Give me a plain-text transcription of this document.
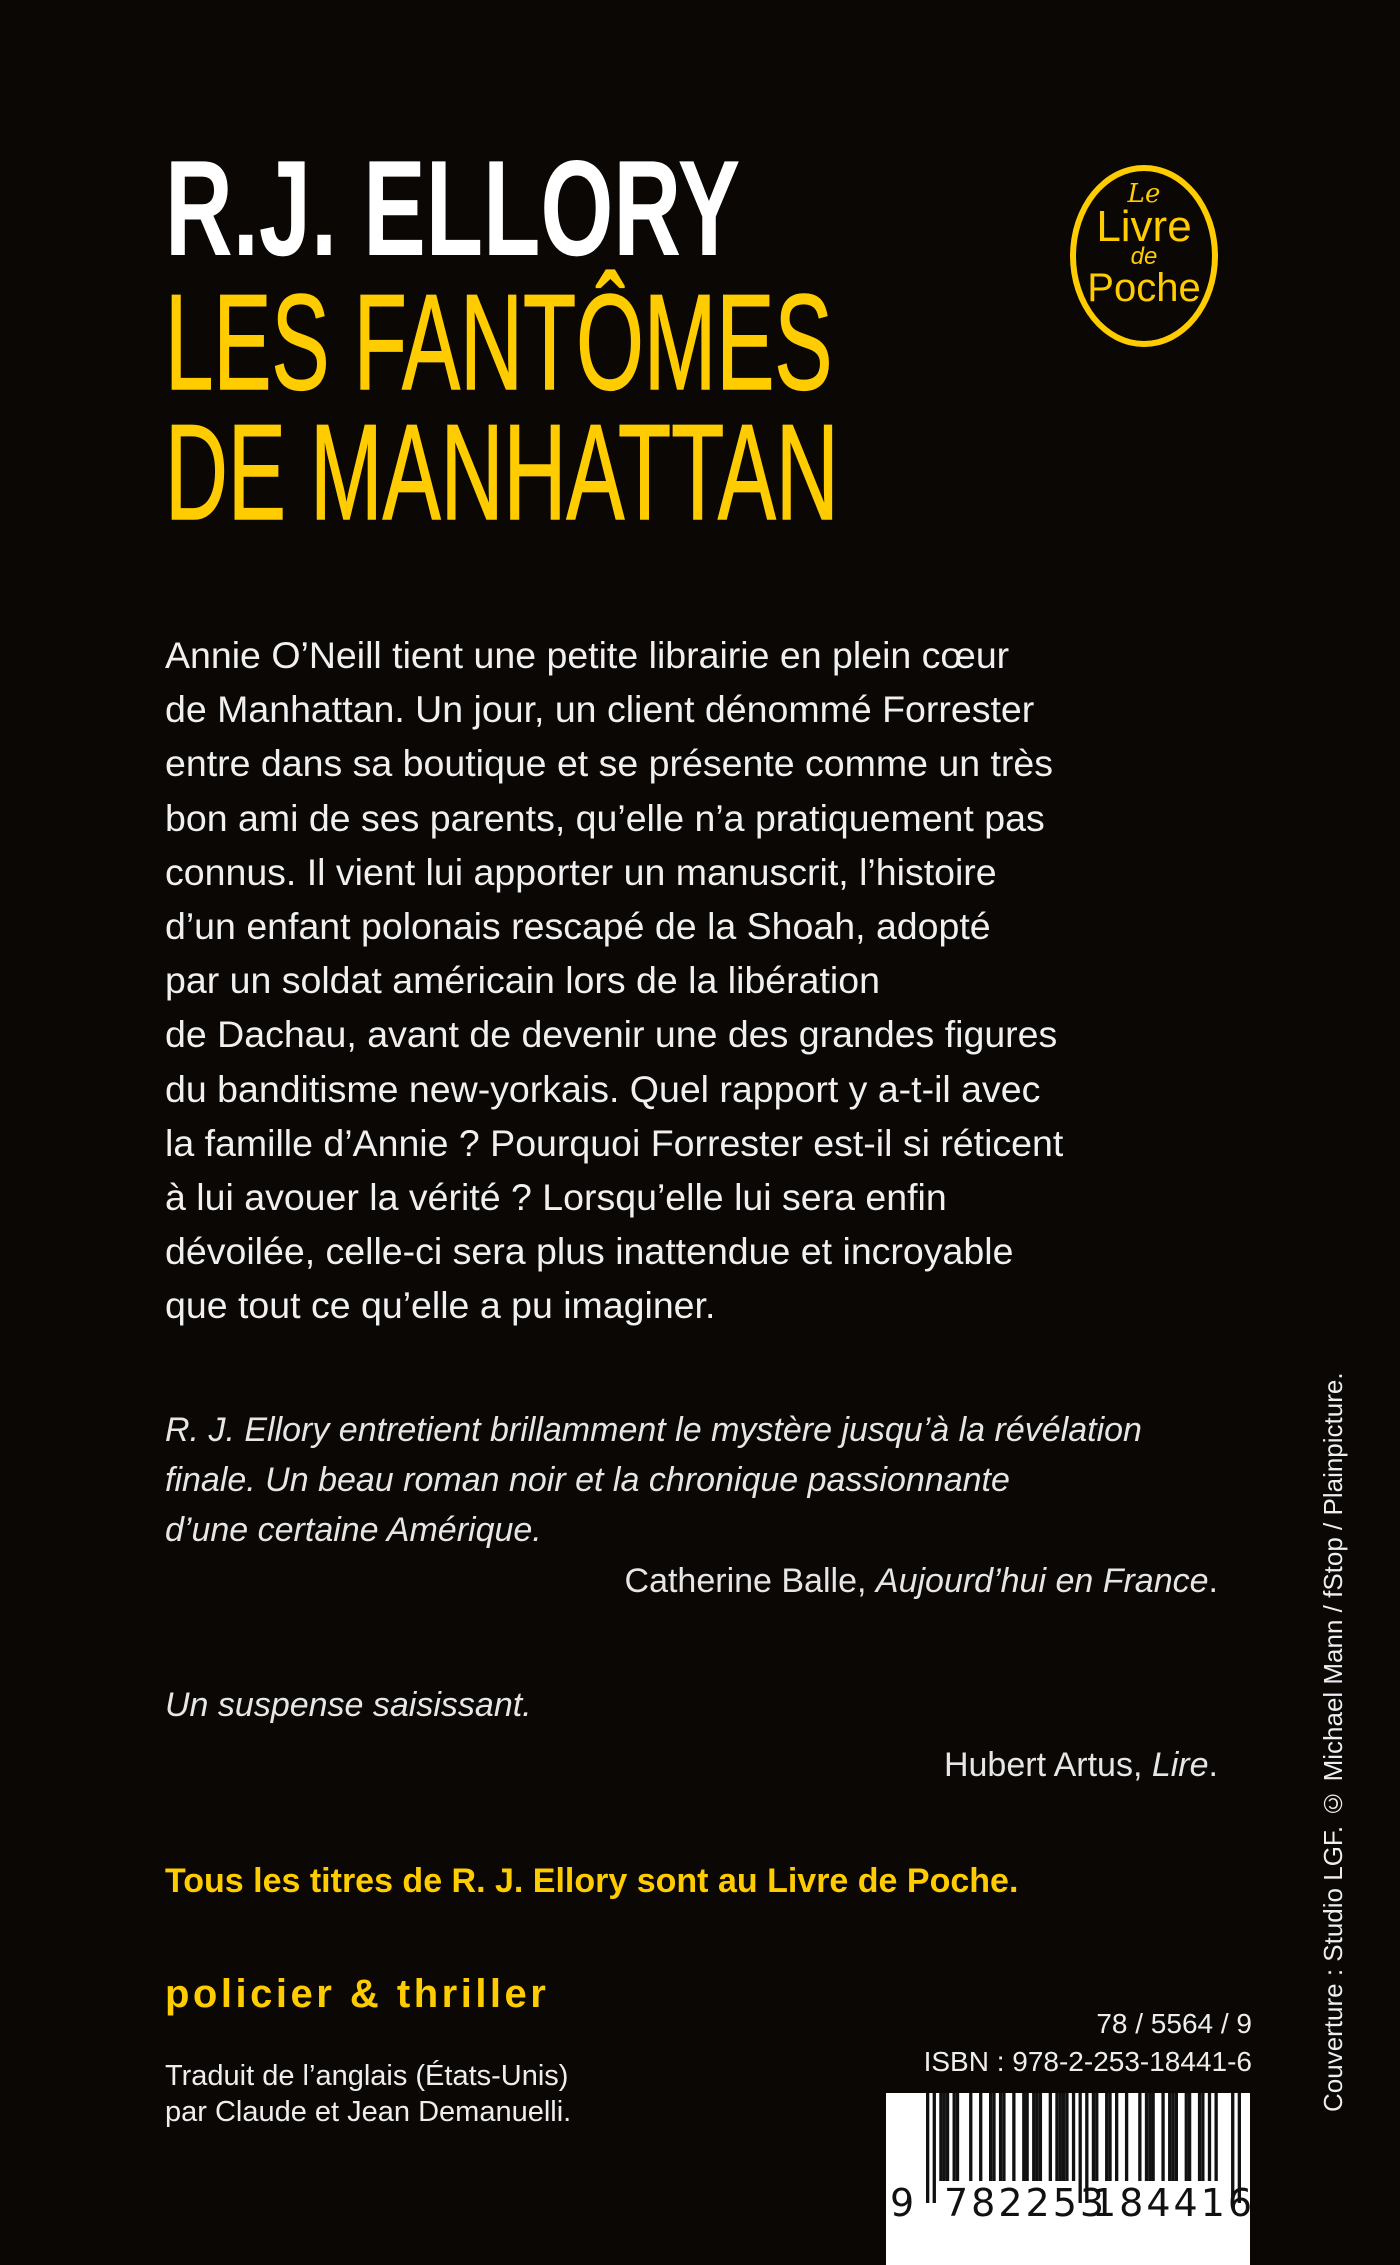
R.J. ELLORY
LES FANTÔMES
DE MANHATTAN
Le
Livre
de
Poche
Annie O’Neill tient une petite librairie en plein cœur
de Manhattan. Un jour, un client dénommé Forrester
entre dans sa boutique et se présente comme un très
bon ami de ses parents, qu’elle n’a pratiquement pas
connus. Il vient lui apporter un manuscrit, l’histoire
d’un enfant polonais rescapé de la Shoah, adopté
par un soldat américain lors de la libération
de Dachau, avant de devenir une des grandes figures
du banditisme new-yorkais. Quel rapport y a-t-il avec
la famille d’Annie ? Pourquoi Forrester est-il si réticent
à lui avouer la vérité ? Lorsqu’elle lui sera enfin
dévoilée, celle-ci sera plus inattendue et incroyable
que tout ce qu’elle a pu imaginer.
R. J. Ellory entretient brillamment le mystère jusqu’à la révélation
finale. Un beau roman noir et la chronique passionnante
d’une certaine Amérique.
Catherine Balle, Aujourd’hui en France.
Un suspense saisissant.
Hubert Artus, Lire.
Tous les titres de R. J. Ellory sont au Livre de Poche.
policier & thriller
Traduit de l’anglais (États-Unis)
par Claude et Jean Demanuelli.
78 / 5564 / 9
ISBN : 978-2-253-18441-6
9 782253
184416
Couverture : Studio LGF. © Michael Mann / fStop / Plainpicture.
